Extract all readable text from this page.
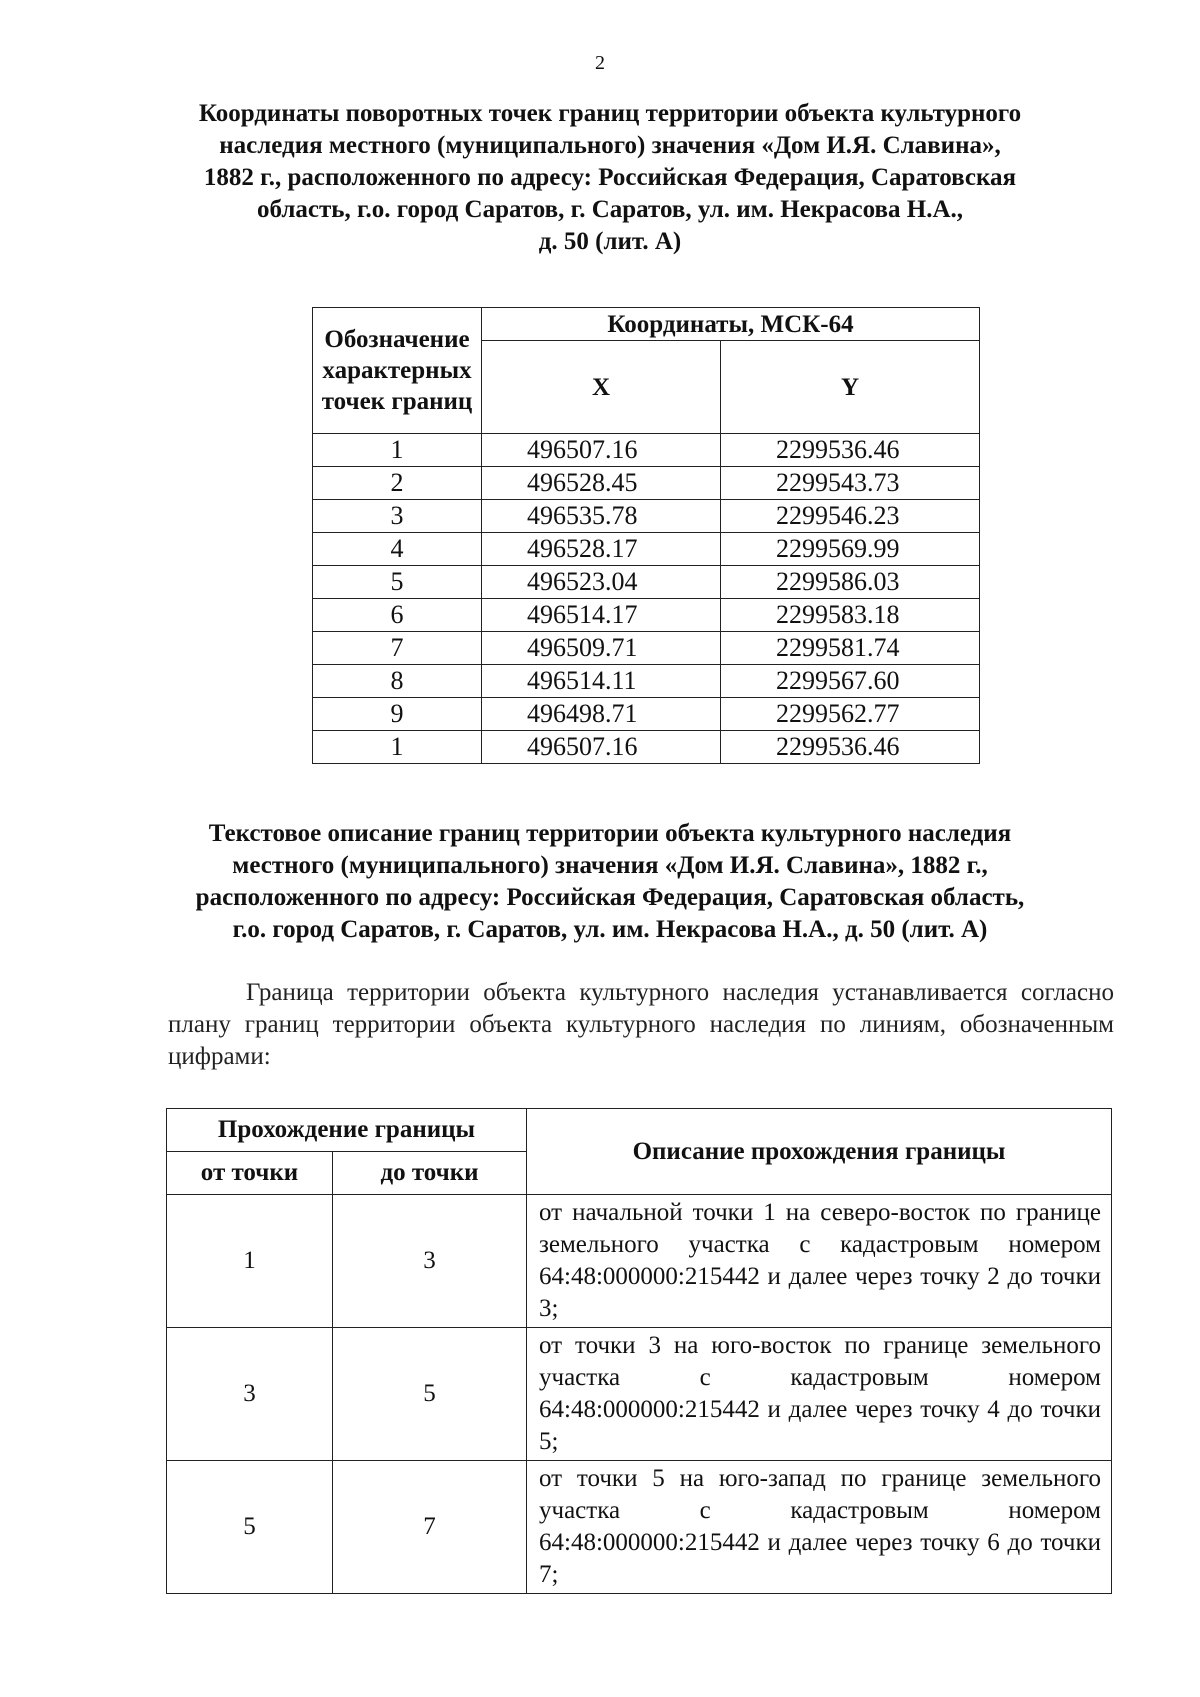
2
Координаты поворотных точек границ территории объекта культурного
наследия местного (муниципального) значения «Дом И.Я. Славина»,
1882 г., расположенного по адресу: Российская Федерация, Саратовская
область, г.о. город Саратов, г. Саратов, ул. им. Некрасова Н.А.,
д. 50 (лит. А)
Обозначение характерных точек границ	Координаты, МСК-64	
	X	Y
1	496507.16	2299536.46
2	496528.45	2299543.73
3	496535.78	2299546.23
4	496528.17	2299569.99
5	496523.04	2299586.03
6	496514.17	2299583.18
7	496509.71	2299581.74
8	496514.11	2299567.60
9	496498.71	2299562.77
1	496507.16	2299536.46
Текстовое описание границ территории объекта культурного наследия
местного (муниципального) значения «Дом И.Я. Славина», 1882 г.,
расположенного по адресу: Российская Федерация, Саратовская область,
г.о. город Саратов, г. Саратов, ул. им. Некрасова Н.А., д. 50 (лит. А)

Граница территории объекта культурного наследия устанавливается согласно плану границ территории объекта культурного наследия по линиям, обозначенным цифрами:

Прохождение границы		Описание прохождения границы
от точки	до точки	
1	3	от начальной точки 1 на северо-восток по границе земельного участка с кадастровым номером 64:48:000000:215442 и далее через точку 2 до точки 3;
3	5	от точки 3 на юго-восток по границе земельного участка с кадастровым номером 64:48:000000:215442 и далее через точку 4 до точки 5;
5	7	от точки 5 на юго-запад по границе земельного участка с кадастровым номером 64:48:000000:215442 и далее через точку 6 до точки 7;
